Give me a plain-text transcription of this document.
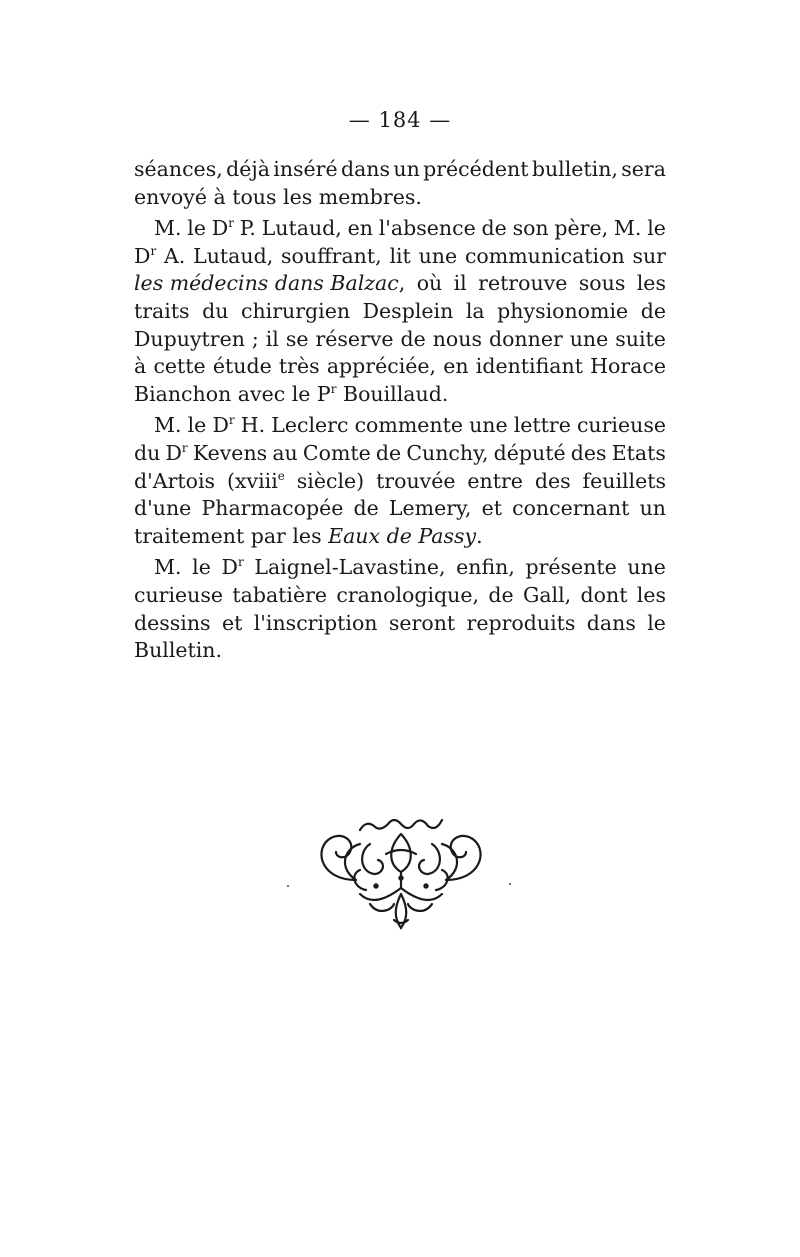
— 184 —
séances, déjà inséré dans un précédent bulletin, sera
envoyé à tous les membres.
M. le $D^r$ P. Lutaud, en l'absence de son père, M. le
$D^r$ A. Lutaud, souffrant, lit une communication sur
les médecins dans Balzac, où il retrouve sous les
traits du chirurgien Desplein la physionomie de
Dupuytren ; il se réserve de nous donner une suite
à cette étude très appréciée, en identifiant Horace
Bianchon avec le $P^r$ Bouillaud.
M. le $D^r$ H. Leclerc commente une lettre curieuse
du $D^r$ Kevens au Comte de Cunchy, député des Etats
d'Artois (xviii$^e$ siècle) trouvée entre des feuillets
d'une Pharmacopée de Lemery, et concernant un
traitement par les Eaux de Passy.
M. le $D^r$ Laignel-Lavastine, enfin, présente une
curieuse tabatière cranologique, de Gall, dont les
dessins et l'inscription seront reproduits dans le
Bulletin.
